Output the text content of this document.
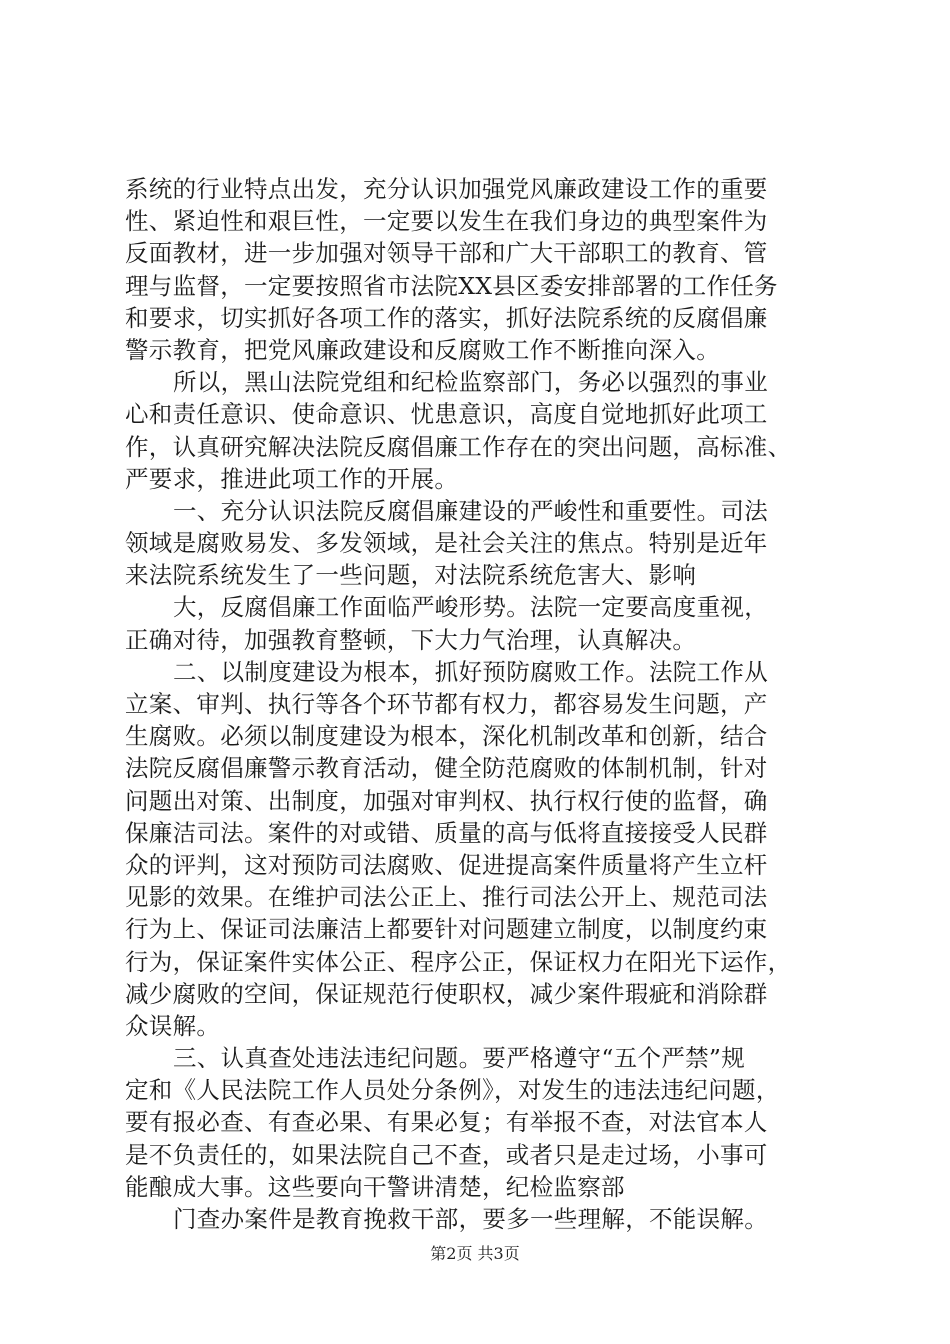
系统的行业特点出发，充分认识加强党风廉政建设工作的重要
性、紧迫性和艰巨性，一定要以发生在我们身边的典型案件为
反面教材，进一步加强对领导干部和广大干部职工的教育、管
理与监督，一定要按照省市法院XX县区委安排部署的工作任务
和要求，切实抓好各项工作的落实，抓好法院系统的反腐倡廉
警示教育，把党风廉政建设和反腐败工作不断推向深入。
所以，黑山法院党组和纪检监察部门，务必以强烈的事业
心和责任意识、使命意识、忧患意识，高度自觉地抓好此项工
作，认真研究解决法院反腐倡廉工作存在的突出问题，高标准、
严要求，推进此项工作的开展。
一、充分认识法院反腐倡廉建设的严峻性和重要性。司法
领域是腐败易发、多发领域，是社会关注的焦点。特别是近年
来法院系统发生了一些问题，对法院系统危害大、影响
大，反腐倡廉工作面临严峻形势。法院一定要高度重视，
正确对待，加强教育整顿，下大力气治理，认真解决。
二、以制度建设为根本，抓好预防腐败工作。法院工作从
立案、审判、执行等各个环节都有权力，都容易发生问题，产
生腐败。必须以制度建设为根本，深化机制改革和创新，结合
法院反腐倡廉警示教育活动，健全防范腐败的体制机制，针对
问题出对策、出制度，加强对审判权、执行权行使的监督，确
保廉洁司法。案件的对或错、质量的高与低将直接接受人民群
众的评判，这对预防司法腐败、促进提高案件质量将产生立杆
见影的效果。在维护司法公正上、推行司法公开上、规范司法
行为上、保证司法廉洁上都要针对问题建立制度，以制度约束
行为，保证案件实体公正、程序公正，保证权力在阳光下运作，
减少腐败的空间，保证规范行使职权，减少案件瑕疵和消除群
众误解。
三、认真查处违法违纪问题。要严格遵守“五个严禁”规
定和《人民法院工作人员处分条例》，对发生的违法违纪问题，
要有报必查、有查必果、有果必复；有举报不查，对法官本人
是不负责任的，如果法院自己不查，或者只是走过场，小事可
能酿成大事。这些要向干警讲清楚，纪检监察部
门查办案件是教育挽救干部，要多一些理解，不能误解。
第2页 共3页
